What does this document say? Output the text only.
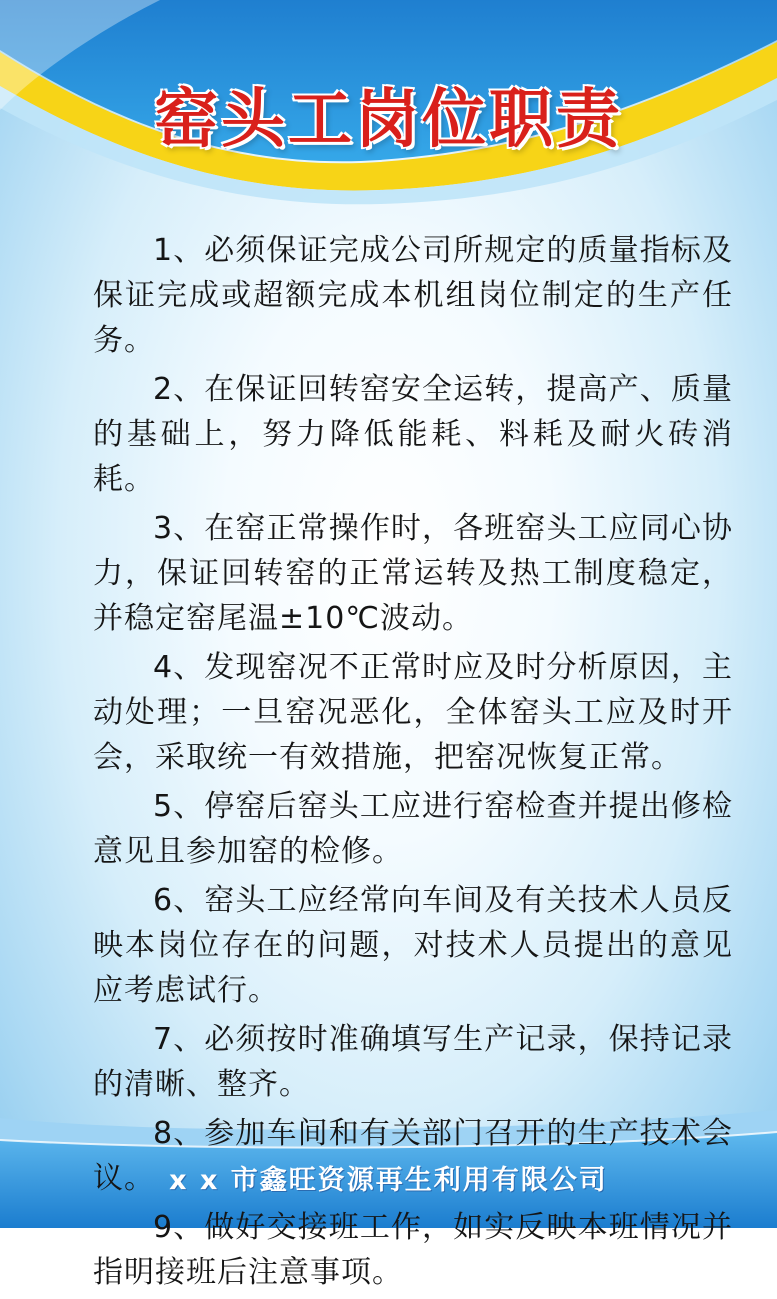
窑头工岗位职责

1、必须保证完成公司所规定的质量指标及保证完成或超额完成本机组岗位制定的生产任务。

2、在保证回转窑安全运转，提高产、质量的基础上，努力降低能耗、料耗及耐火砖消耗。

3、在窑正常操作时，各班窑头工应同心协力，保证回转窑的正常运转及热工制度稳定，并稳定窑尾温±10℃波动。

4、发现窑况不正常时应及时分析原因，主动处理；一旦窑况恶化，全体窑头工应及时开会，采取统一有效措施，把窑况恢复正常。

5、停窑后窑头工应进行窑检查并提出修检意见且参加窑的检修。

6、窑头工应经常向车间及有关技术人员反映本岗位存在的问题，对技术人员提出的意见应考虑试行。

7、必须按时准确填写生产记录，保持记录的清晰、整齐。

8、参加车间和有关部门召开的生产技术会议。

9、做好交接班工作，如实反映本班情况并指明接班后注意事项。

x x 市鑫旺资源再生利用有限公司
